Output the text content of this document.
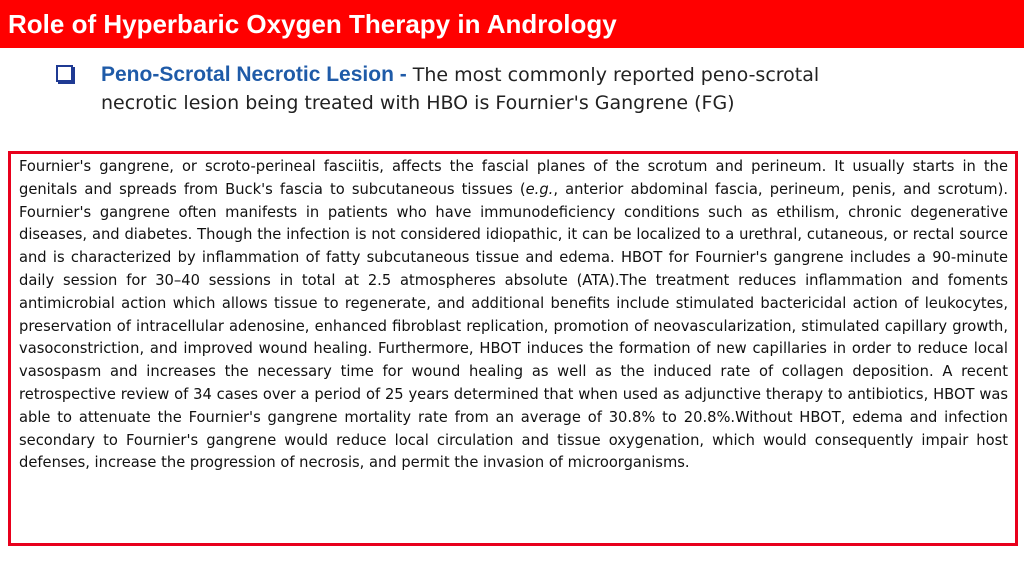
Role of Hyperbaric Oxygen Therapy in Andrology
Peno-Scrotal Necrotic Lesion - The most commonly reported peno-scrotal necrotic lesion being treated with HBO is Fournier's Gangrene (FG)
Fournier's gangrene, or scroto-perineal fasciitis, affects the fascial planes of the scrotum and perineum. It usually starts in the genitals and spreads from Buck's fascia to subcutaneous tissues (e.g., anterior abdominal fascia, perineum, penis, and scrotum). Fournier's gangrene often manifests in patients who have immunodeficiency conditions such as ethilism, chronic degenerative diseases, and diabetes. Though the infection is not considered idiopathic, it can be localized to a urethral, cutaneous, or rectal source and is characterized by inflammation of fatty subcutaneous tissue and edema. HBOT for Fournier's gangrene includes a 90-minute daily session for 30–40 sessions in total at 2.5 atmospheres absolute (ATA).The treatment reduces inflammation and foments antimicrobial action which allows tissue to regenerate, and additional benefits include stimulated bactericidal action of leukocytes, preservation of intracellular adenosine, enhanced fibroblast replication, promotion of neovascularization, stimulated capillary growth, vasoconstriction, and improved wound healing. Furthermore, HBOT induces the formation of new capillaries in order to reduce local vasospasm and increases the necessary time for wound healing as well as the induced rate of collagen deposition. A recent retrospective review of 34 cases over a period of 25 years determined that when used as adjunctive therapy to antibiotics, HBOT was able to attenuate the Fournier's gangrene mortality rate from an average of 30.8% to 20.8%.Without HBOT, edema and infection secondary to Fournier's gangrene would reduce local circulation and tissue oxygenation, which would consequently impair host defenses, increase the progression of necrosis, and permit the invasion of microorganisms.
